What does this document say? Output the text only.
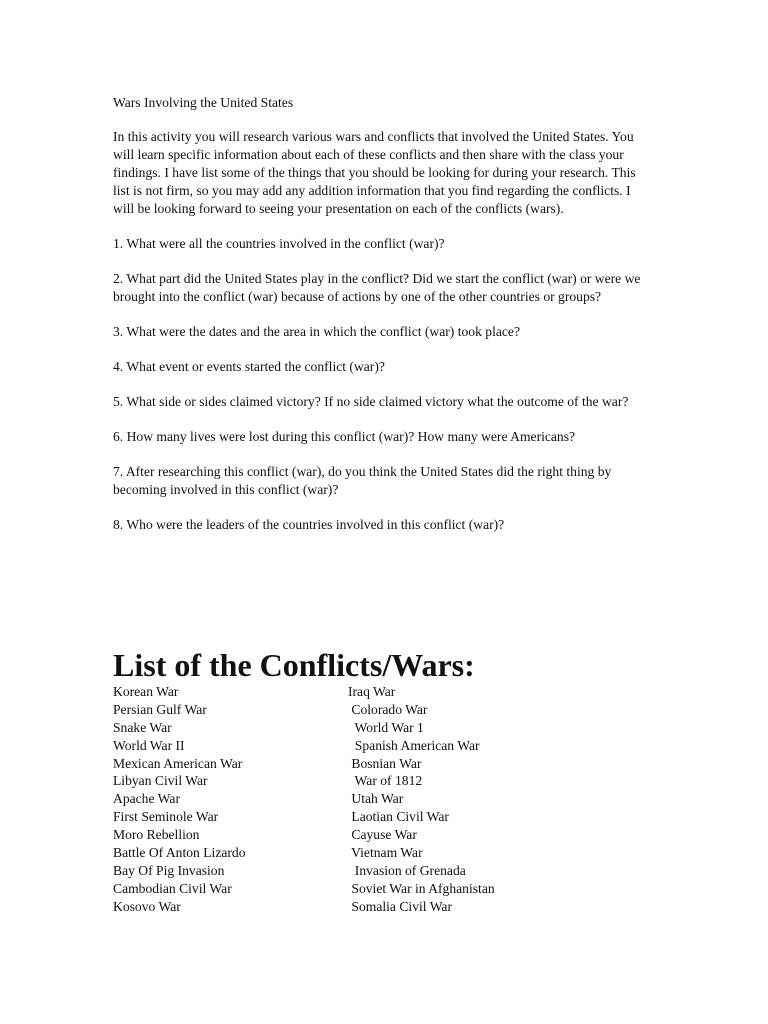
Wars Involving the United States

In this activity you will research various wars and conflicts that involved the United States. You will learn specific information about each of these conflicts and then share with the class your findings. I have list some of the things that you should be looking for during your research. This list is not firm, so you may add any addition information that you find regarding the conflicts. I will be looking forward to seeing your presentation on each of the conflicts (wars).

1. What were all the countries involved in the conflict (war)?

2. What part did the United States play in the conflict? Did we start the conflict (war) or were we brought into the conflict (war) because of actions by one of the other countries or groups?

3. What were the dates and the area in which the conflict (war) took place?

4. What event or events started the conflict (war)?

5. What side or sides claimed victory? If no side claimed victory what the outcome of the war?

6. How many lives were lost during this conflict (war)? How many were Americans?

7. After researching this conflict (war), do you think the United States did the right thing by becoming involved in this conflict (war)?

8. Who were the leaders of the countries involved in this conflict (war)?

List of the Conflicts/Wars:
Korean War
Persian Gulf War
Snake War
World War II
Mexican American War
Libyan Civil War
Apache War
First Seminole War
Moro Rebellion
Battle Of Anton Lizardo
Bay Of Pig Invasion
Cambodian Civil War
Kosovo War
Iraq War
Colorado War
World War 1
Spanish American War
Bosnian War
War of 1812
Utah War
Laotian Civil War
Cayuse War
Vietnam War
Invasion of Grenada
Soviet War in Afghanistan
Somalia Civil War
